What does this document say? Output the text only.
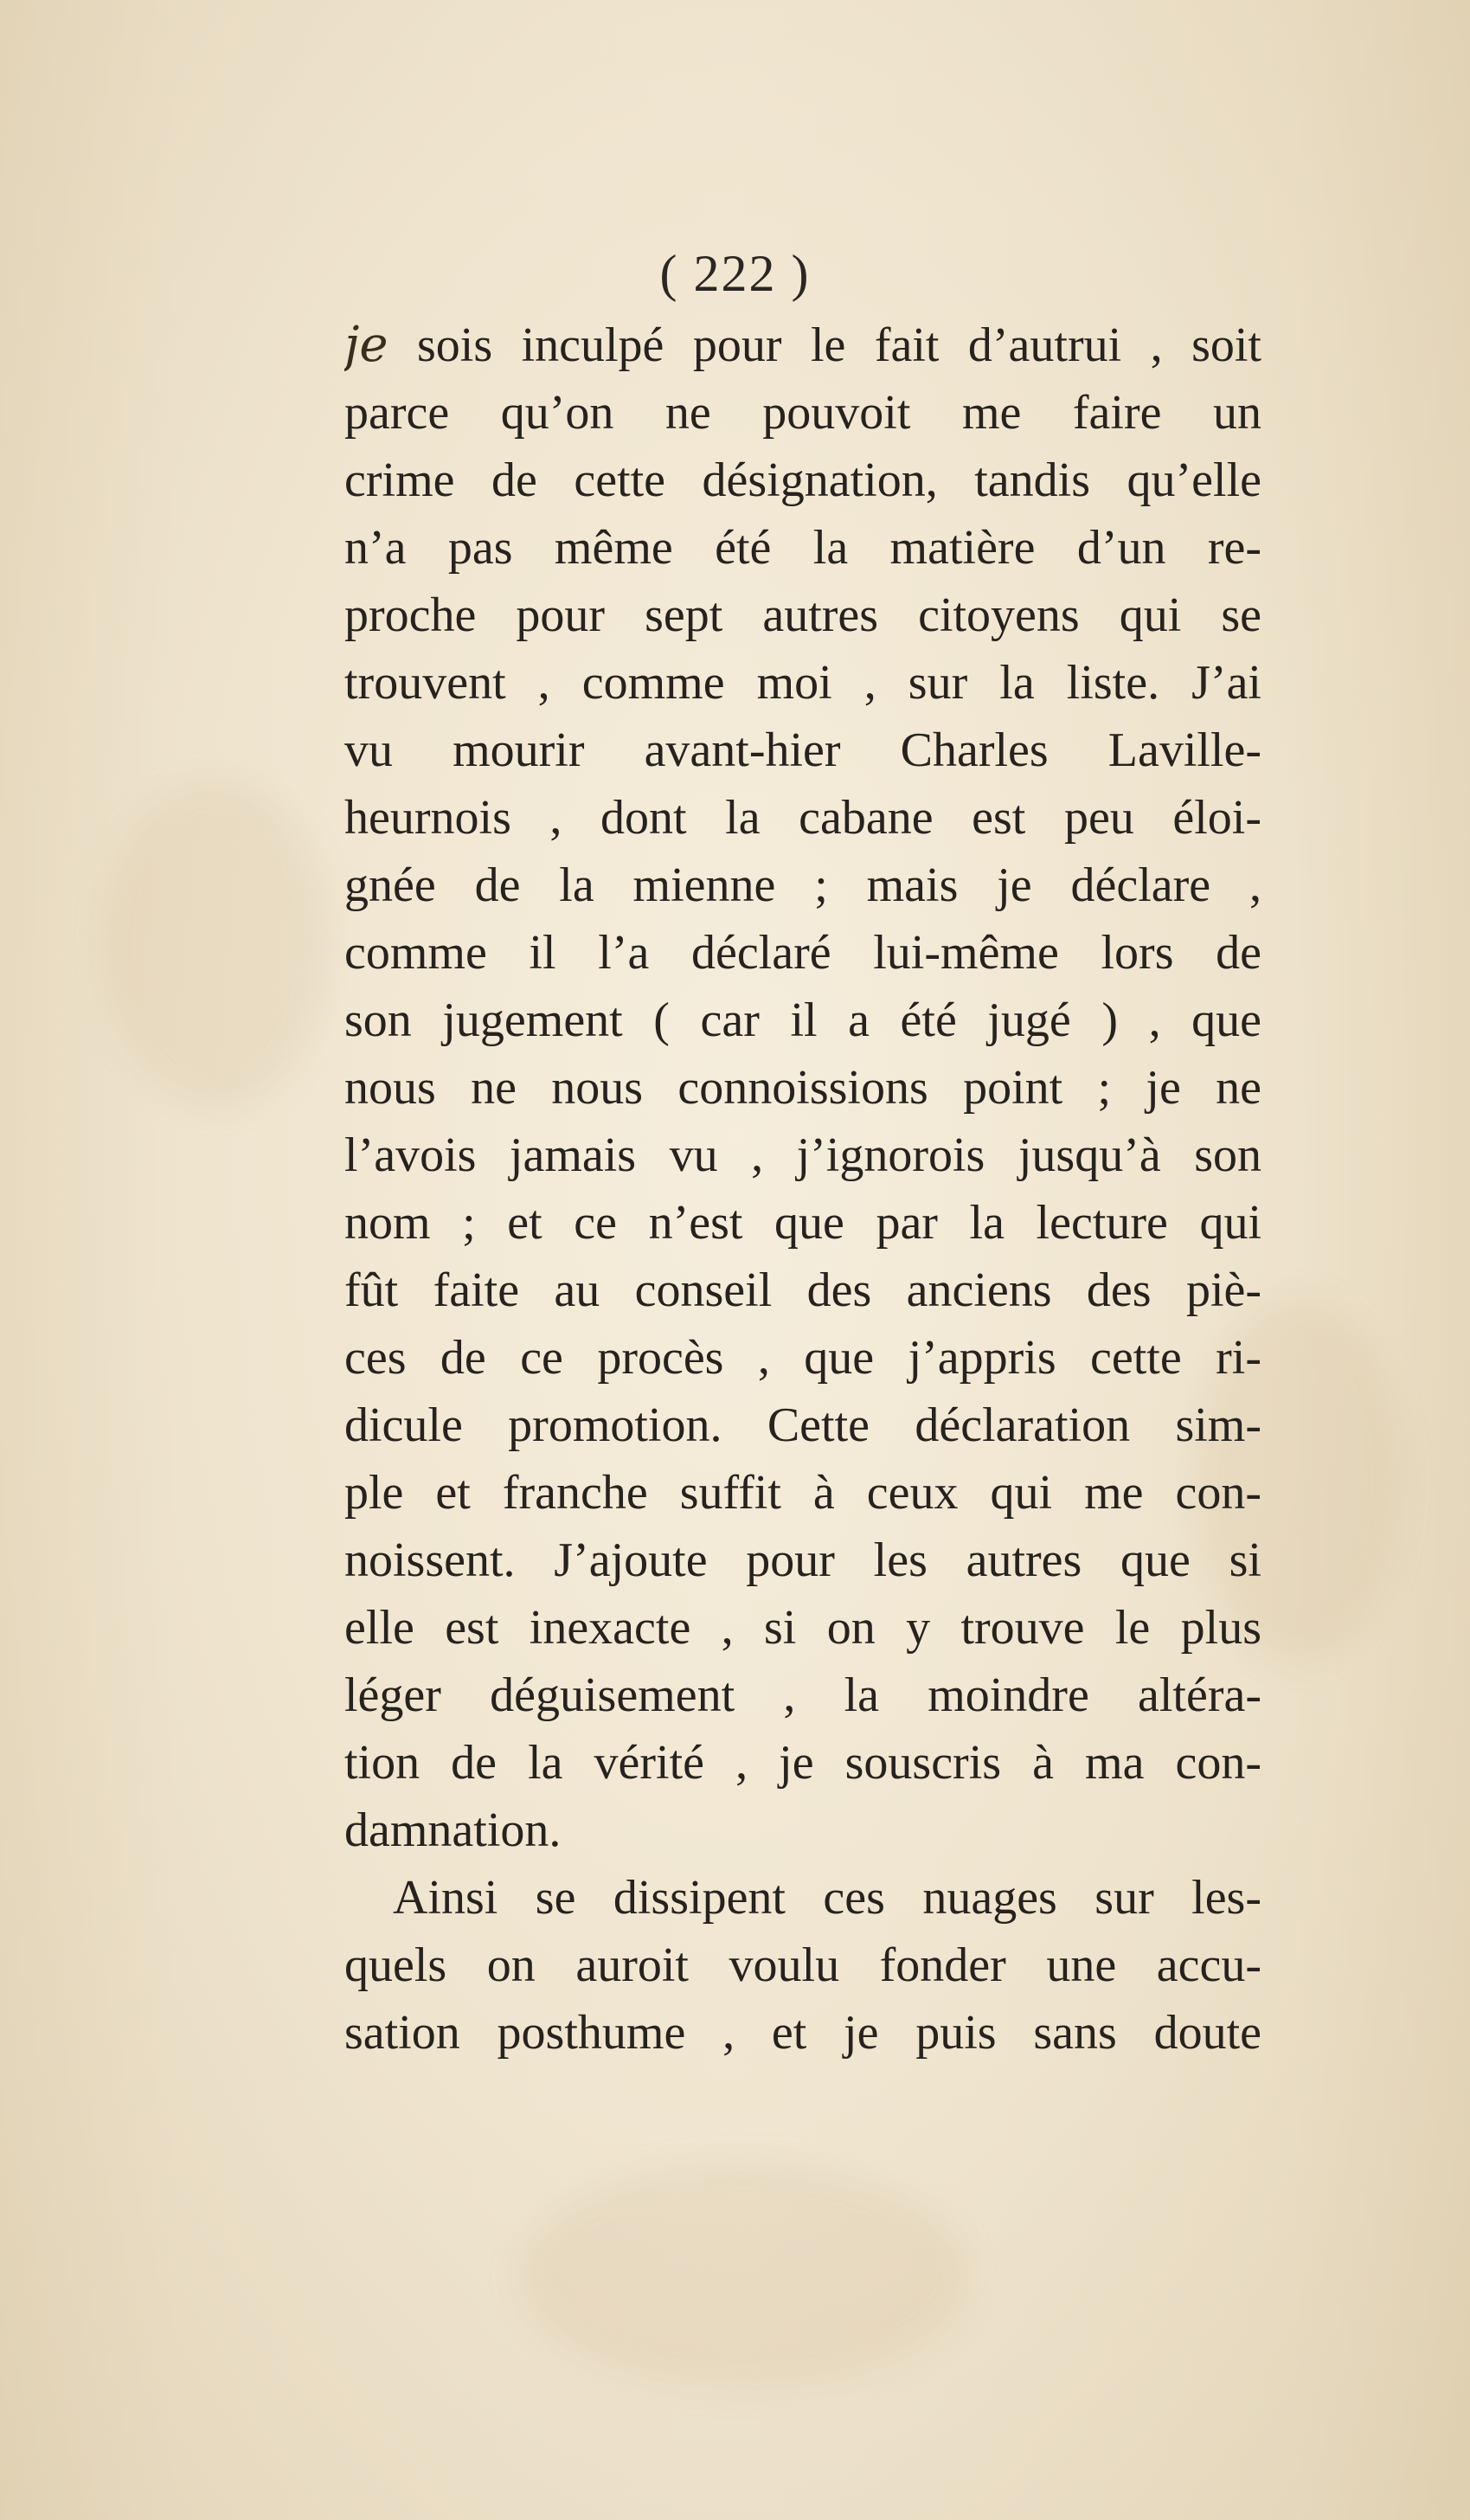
( 222 )
je sois inculpé pour le fait d’autrui , soit
parce qu’on ne pouvoit me faire un
crime de cette désignation, tandis qu’elle
n’a pas même été la matière d’un re-
proche pour sept autres citoyens qui se
trouvent , comme moi , sur la liste. J’ai
vu mourir avant-hier Charles Laville-
heurnois , dont la cabane est peu éloi-
gnée de la mienne ; mais je déclare ,
comme il l’a déclaré lui-même lors de
son jugement ( car il a été jugé ) , que
nous ne nous connoissions point ; je ne
l’avois jamais vu , j’ignorois jusqu’à son
nom ; et ce n’est que par la lecture qui
fût faite au conseil des anciens des piè-
ces de ce procès , que j’appris cette ri-
dicule promotion. Cette déclaration sim-
ple et franche suffit à ceux qui me con-
noissent. J’ajoute pour les autres que si
elle est inexacte , si on y trouve le plus
léger déguisement , la moindre altéra-
tion de la vérité , je souscris à ma con-
damnation.
Ainsi se dissipent ces nuages sur les-
quels on auroit voulu fonder une accu-
sation posthume , et je puis sans doute
